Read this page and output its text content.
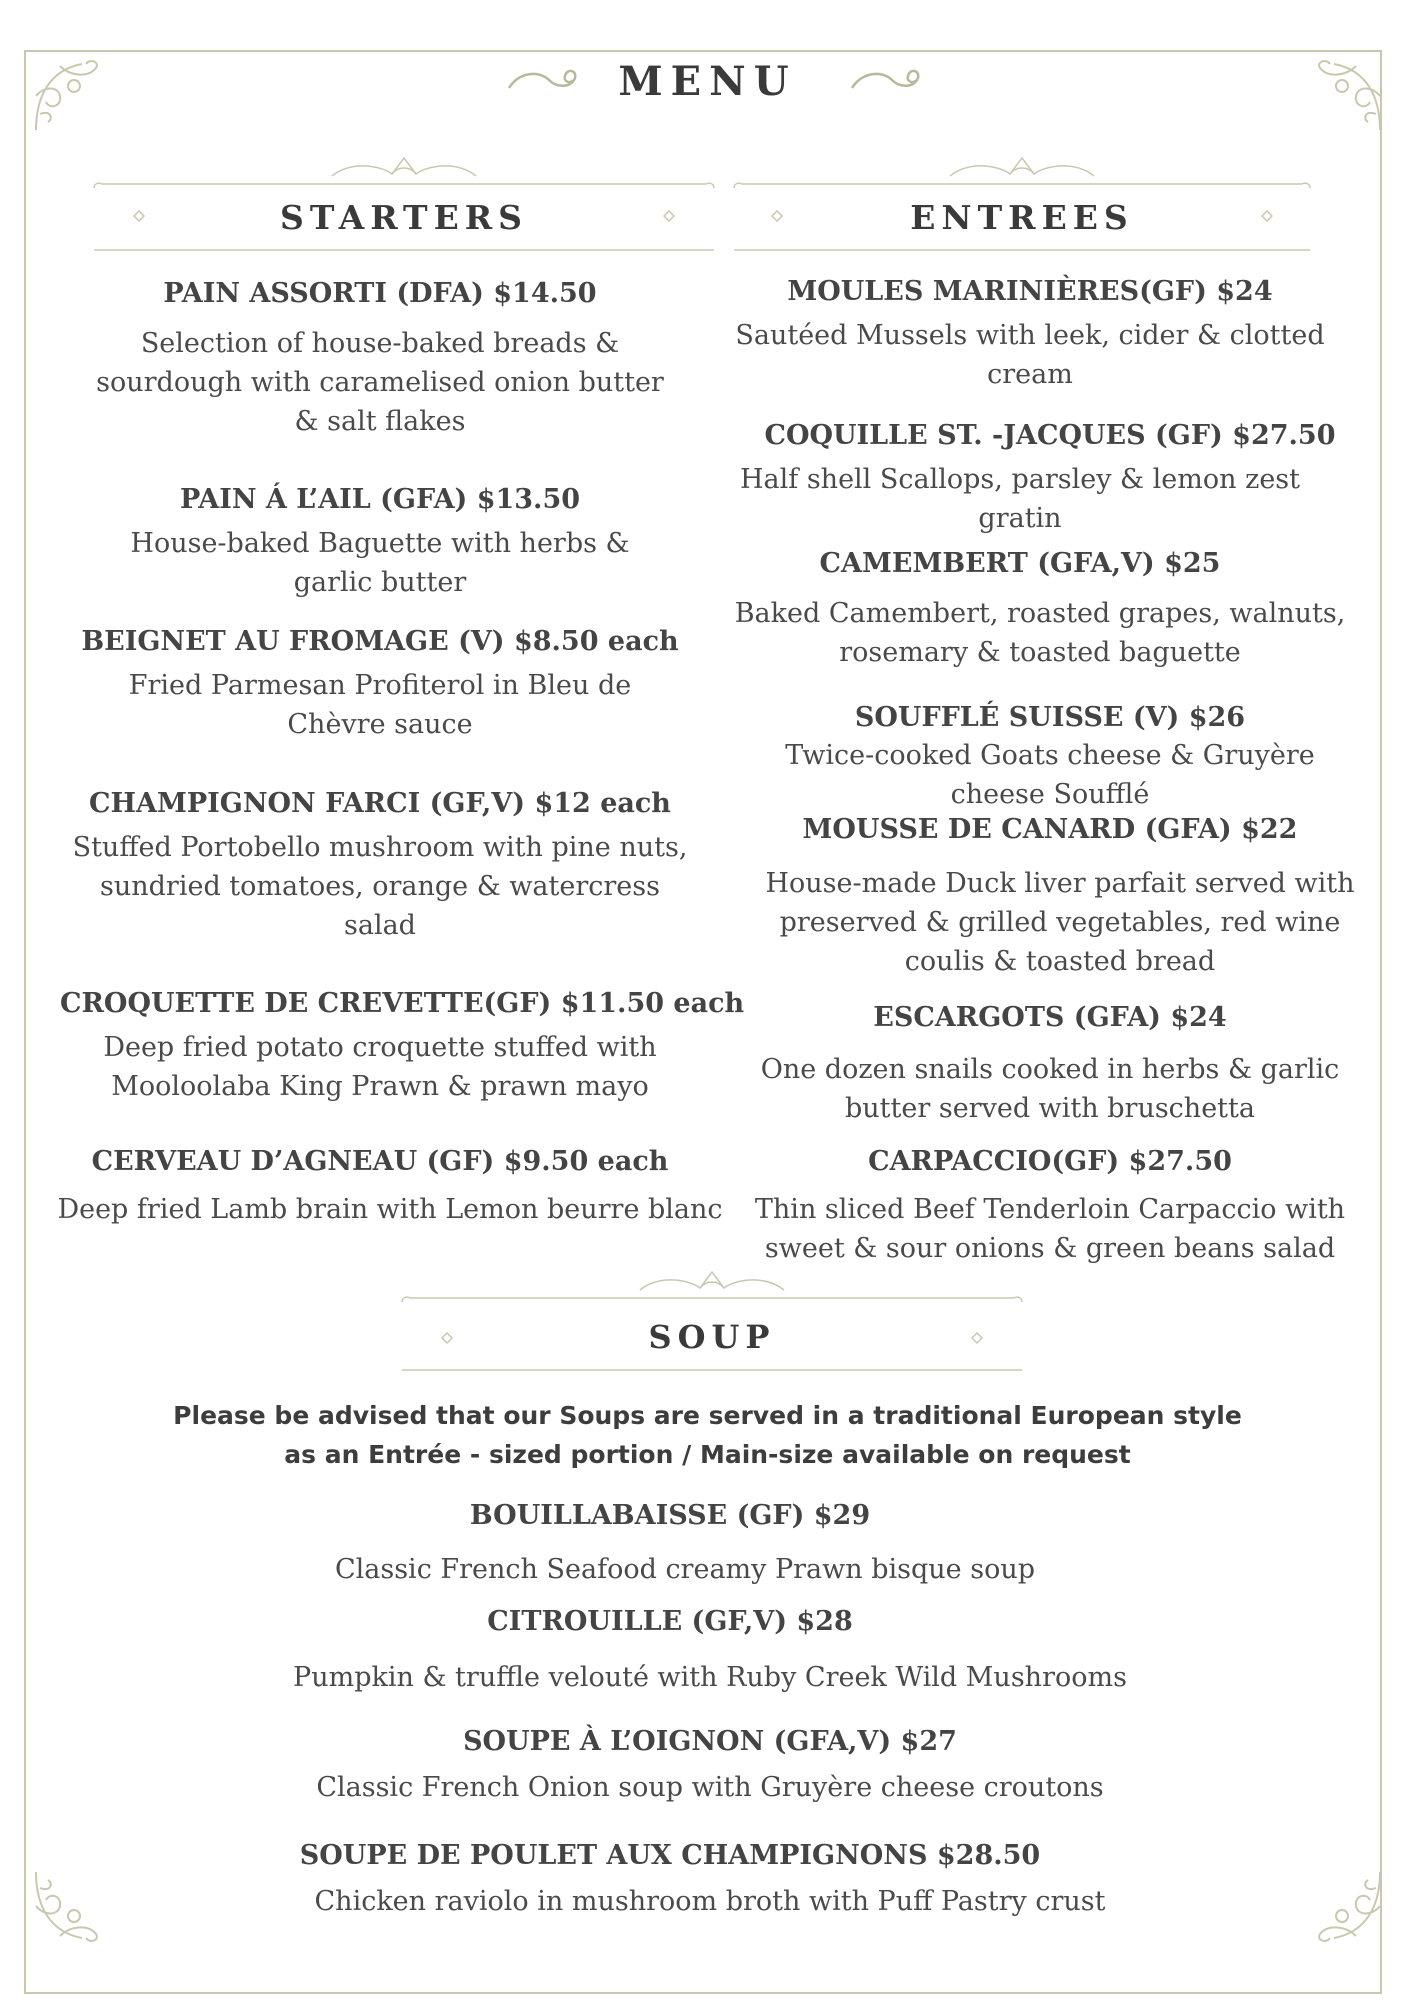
MENU
STARTERS	ENTREES
PAIN ASSORTI (DFA) $14.50
Selection of house-baked breads & sourdough with caramelised onion butter & salt flakes
PAIN Á L’AIL (GFA) $13.50
House-baked Baguette with herbs & garlic butter
BEIGNET AU FROMAGE (V) $8.50 each
Fried Parmesan Profiterol in Bleu de Chèvre sauce
CHAMPIGNON FARCI (GF,V) $12 each
Stuffed Portobello mushroom with pine nuts, sundried tomatoes, orange & watercress salad
CROQUETTE DE CREVETTE(GF) $11.50 each
Deep fried potato croquette stuffed with Mooloolaba King Prawn & prawn mayo
CERVEAU D’AGNEAU (GF) $9.50 each
Deep fried Lamb brain with Lemon beurre blanc
MOULES MARINIÈRES(GF) $24
Sautéed Mussels with leek, cider & clotted cream
COQUILLE ST. -JACQUES (GF) $27.50
Half shell Scallops, parsley & lemon zest gratin
CAMEMBERT (GFA,V) $25
Baked Camembert, roasted grapes, walnuts, rosemary & toasted baguette
SOUFFLÉ SUISSE (V) $26
Twice-cooked Goats cheese & Gruyère cheese Soufflé
MOUSSE DE CANARD (GFA) $22
House-made Duck liver parfait served with preserved & grilled vegetables, red wine coulis & toasted bread
ESCARGOTS (GFA) $24
One dozen snails cooked in herbs & garlic butter served with bruschetta
CARPACCIO(GF) $27.50
Thin sliced Beef Tenderloin Carpaccio with sweet & sour onions & green beans salad
SOUP
Please be advised that our Soups are served in a traditional European style
as an Entrée - sized portion / Main-size available on request
BOUILLABAISSE (GF) $29
Classic French Seafood creamy Prawn bisque soup
CITROUILLE (GF,V) $28
Pumpkin & truffle velouté with Ruby Creek Wild Mushrooms
SOUPE À L’OIGNON (GFA,V) $27
Classic French Onion soup with Gruyère cheese croutons
SOUPE DE POULET AUX CHAMPIGNONS $28.50
Chicken raviolo in mushroom broth with Puff Pastry crust
